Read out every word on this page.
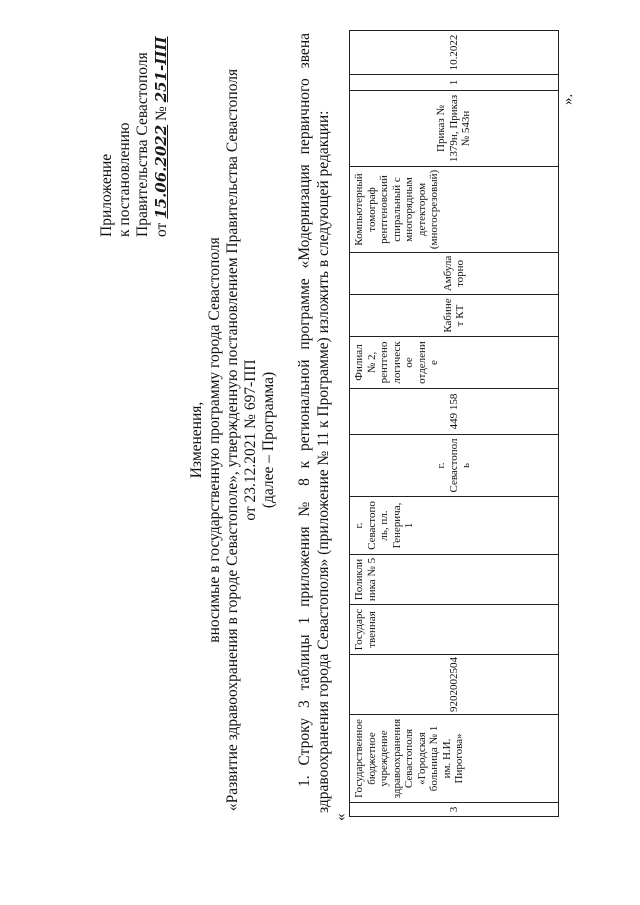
Приложение к постановлению Правительства Севастополя от 15.06.2022 № 251-ПП
Изменения, вносимые в государственную программу города Севастополя «Развитие здравоохранения в городе Севастополе», утвержденную постановлением Правительства Севастополя от 23.12.2021 № 697-ПП (далее – Программа) 1. Строку 3 таблицы 1 приложения № 8 к региональной программе «Модернизация первичного звена здравоохранения города Севастополя» (приложение № 11 к Программе) изложить в следующей редакции:
«
3	Государственное бюджетное учреждение здравоохранения Севастополя «Городская больница № 1 им. Н.И. Пирогова»	9202002504	Государственная	Поликлиника № 5	г. Севастополь, пл. Генерича, 1	г. Севастополь	449 158	Филиал № 2, рентгенологическое отделение	Кабинет КТ	Амбулаторно	Компьютерный томограф рентгеновский спиральный с многорядным детектором (многосрезовый)	Приказ № 1379н, Приказ № 543н	1	10.2022
».
